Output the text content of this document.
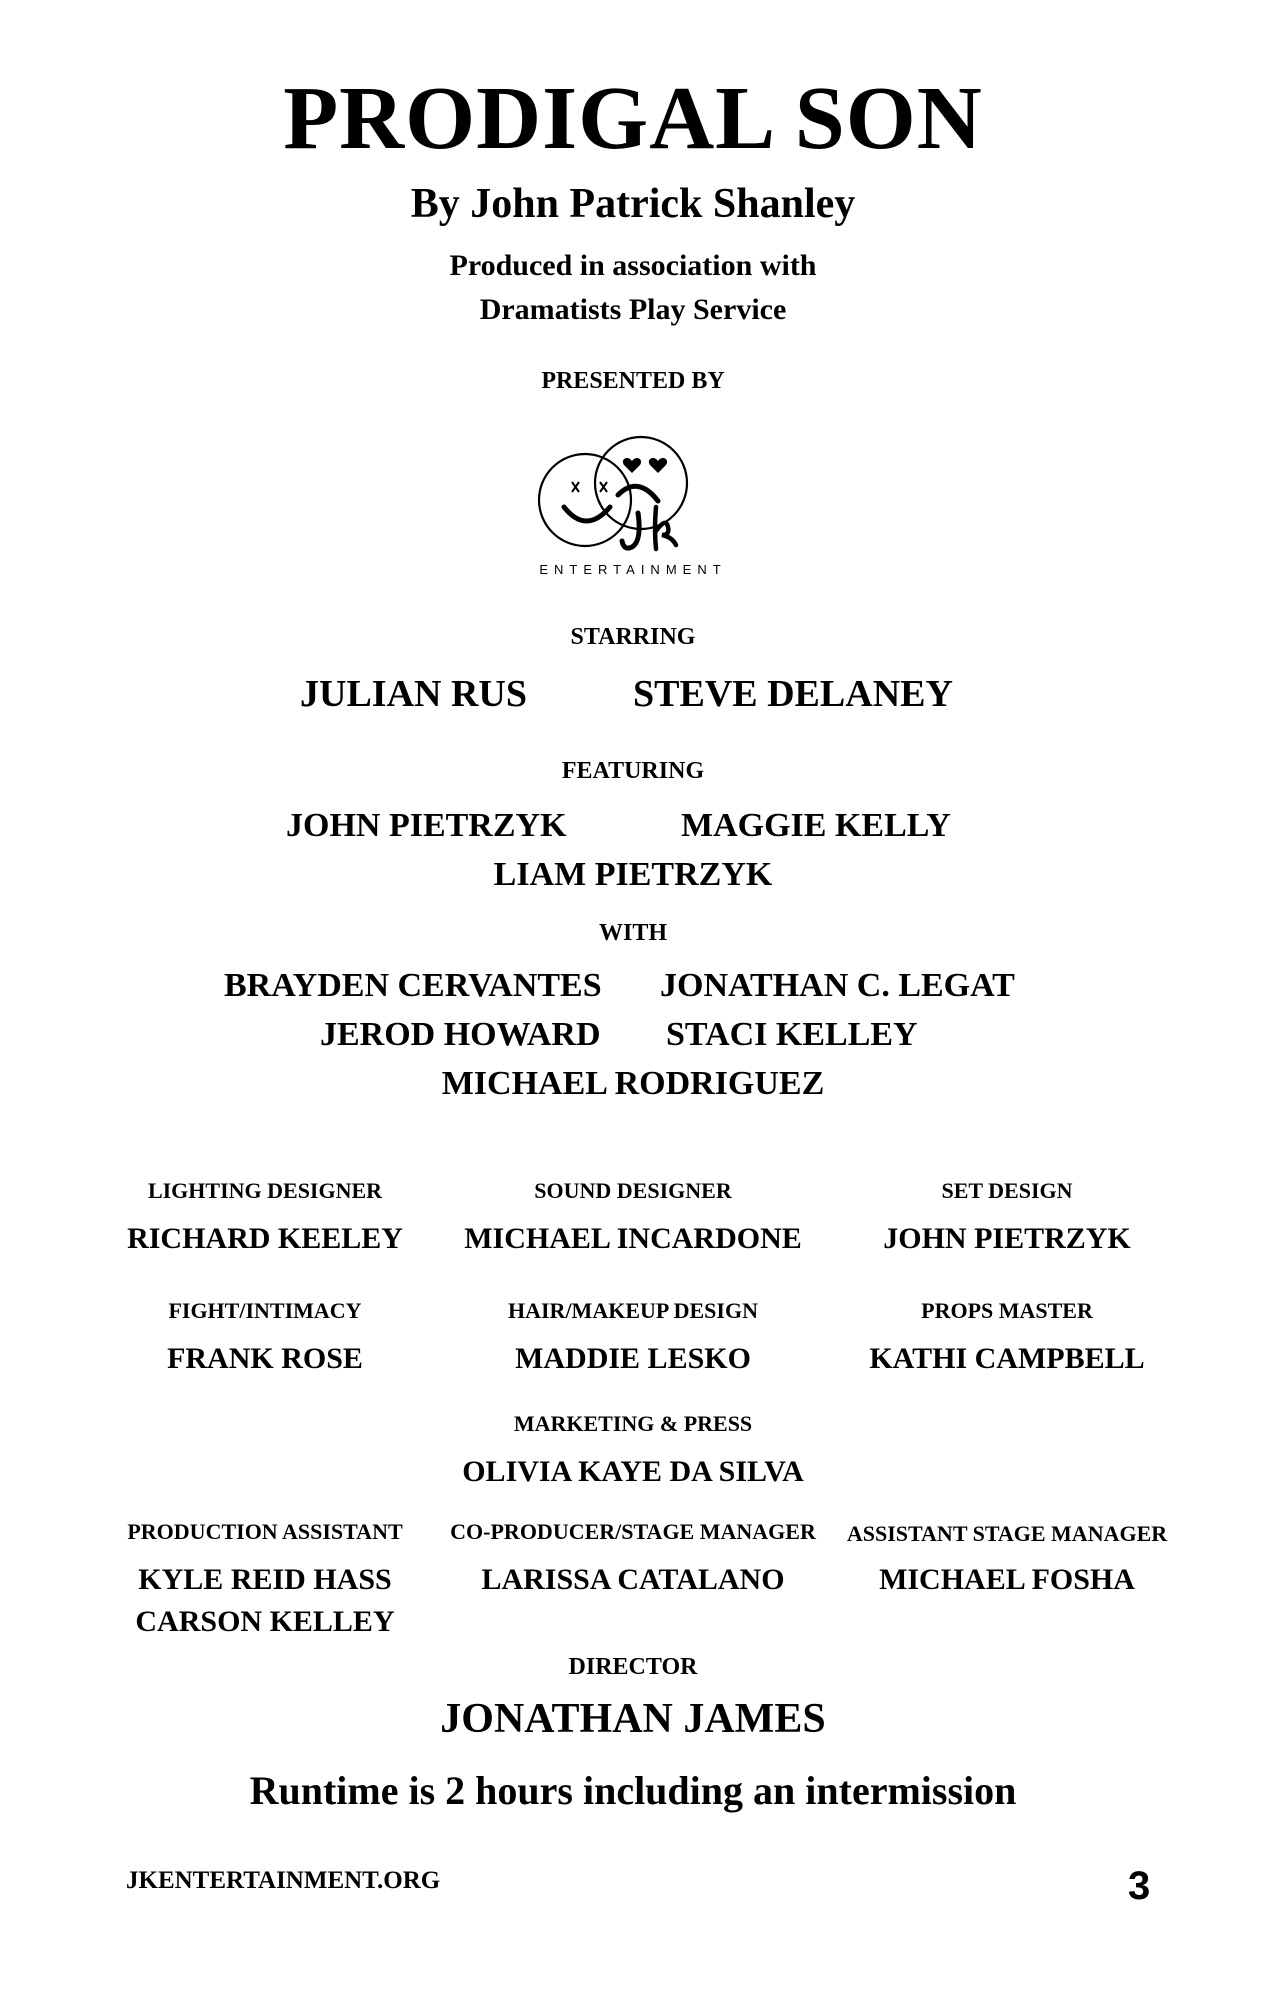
PRODIGAL SON
By John Patrick Shanley
Produced in association with
Dramatists Play Service
PRESENTED BY
ENTERTAINMENT
STARRING
JULIAN RUS	STEVE DELANEY
FEATURING
JOHN PIETRZYK	MAGGIE KELLY
LIAM PIETRZYK
WITH
BRAYDEN CERVANTES JONATHAN C. LEGAT
JEROD HOWARD STACI KELLEY
MICHAEL RODRIGUEZ
LIGHTING DESIGNER
RICHARD KEELEY
SOUND DESIGNER
MICHAEL INCARDONE
SET DESIGN
JOHN PIETRZYK
FIGHT/INTIMACY
FRANK ROSE
HAIR/MAKEUP DESIGN
MADDIE LESKO
PROPS MASTER
KATHI CAMPBELL
MARKETING & PRESS
OLIVIA KAYE DA SILVA
PRODUCTION ASSISTANT
KYLE REID HASS
CARSON KELLEY
CO-PRODUCER/STAGE MANAGER
LARISSA CATALANO
ASSISTANT STAGE MANAGER
MICHAEL FOSHA
DIRECTOR
JONATHAN JAMES
Runtime is 2 hours including an intermission
JKENTERTAINMENT.ORG	3
